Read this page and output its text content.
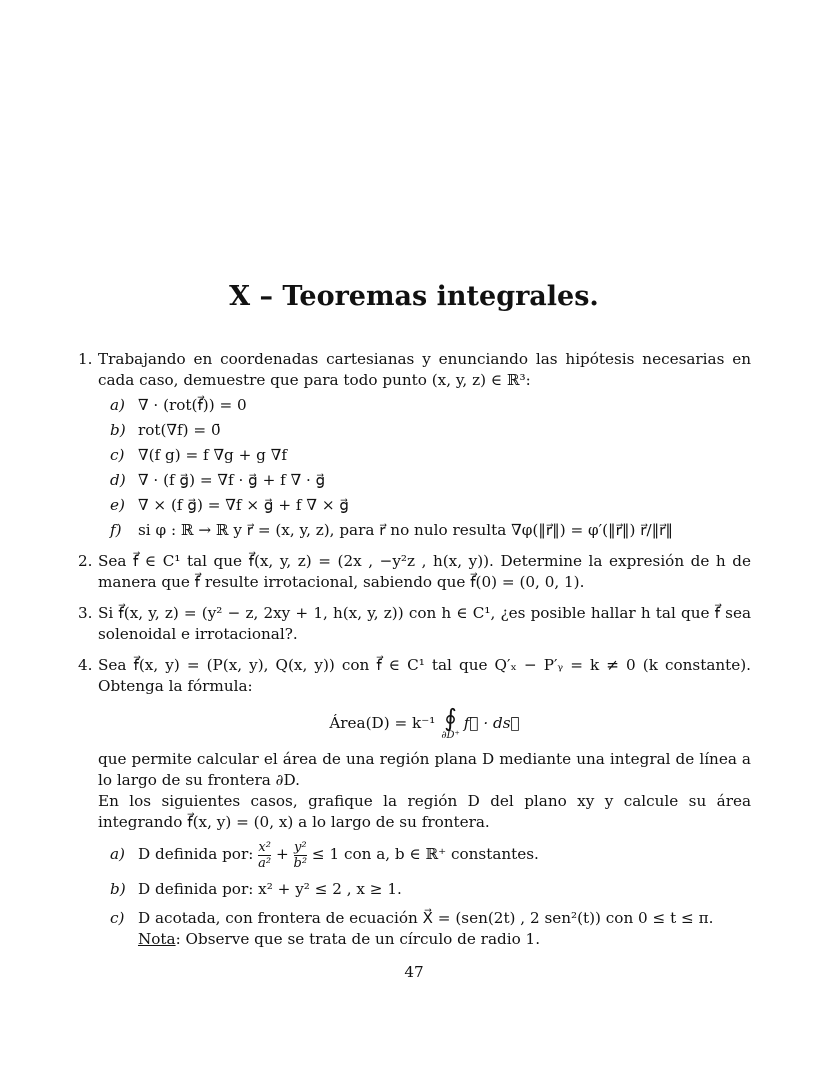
X – Teoremas integrales.
1. Trabajando en coordenadas cartesianas y enunciando las hipótesis necesarias en cada caso, demuestre que para todo punto (x, y, z) ∈ ℝ³:
a) ∇ · (rot(f⃗)) = 0
b) rot(∇f) = 0̄
c) ∇(f g) = f ∇g + g ∇f
d) ∇ · (f g⃗) = ∇f · g⃗ + f ∇ · g⃗
e) ∇ × (f g⃗) = ∇f × g⃗ + f ∇ × g⃗
f) si φ : ℝ → ℝ y r⃗ = (x, y, z), para r⃗ no nulo resulta ∇φ(‖r⃗‖) = φ′(‖r⃗‖) r⃗/‖r⃗‖
2. Sea f⃗ ∈ C¹ tal que f⃗(x, y, z) = (2x , −y²z , h(x, y)). Determine la expresión de h de manera que f⃗ resulte irrotacional, sabiendo que f⃗(0) = (0, 0, 1).
3. Si f⃗(x, y, z) = (y² − z, 2xy + 1, h(x, y, z)) con h ∈ C¹, ¿es posible hallar h tal que f⃗ sea solenoidal e irrotacional?.
4. Sea f⃗(x, y) = (P(x, y), Q(x, y)) con f⃗ ∈ C¹ tal que Q′ₓ − P′ᵧ = k ≠ 0 (k constante). Obtenga la fórmula:
Área(D) = k⁻¹ ∮
∂D⁺
f⃗ · ds⃗
que permite calcular el área de una región plana D mediante una integral de línea a lo largo de su frontera ∂D.
En los siguientes casos, grafique la región D del plano xy y calcule su área integrando f⃗(x, y) = (0, x) a lo largo de su frontera.
a) D definida por: $\frac{\text{x²}}{\text{a²}} + \frac{\text{y²}}{\text{b²}} \le 1$ con a, b ∈ ℝ⁺ constantes.
b) D definida por: x² + y² ≤ 2 , x ≥ 1.
c) D acotada, con frontera de ecuación X⃗ = (sen(2t) , 2 sen²(t)) con 0 ≤ t ≤ π.
Nota: Observe que se trata de un círculo de radio 1.
47
